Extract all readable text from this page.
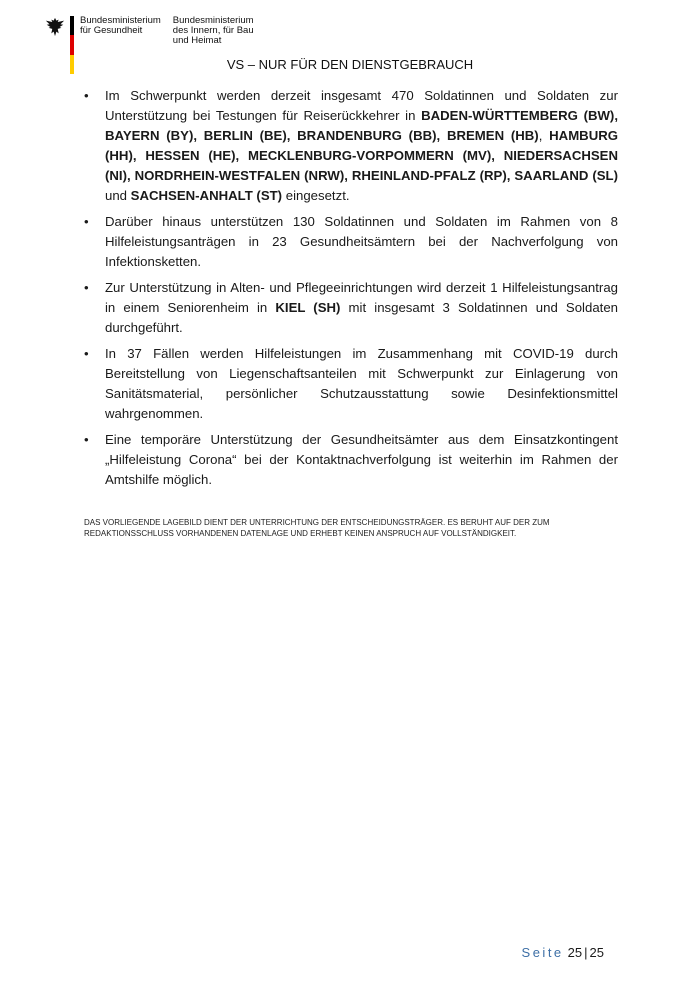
Bundesministerium
für Gesundheit
Bundesministerium
des Innern, für Bau
und Heimat
VS – NUR FÜR DEN DIENSTGEBRAUCH
• Im Schwerpunkt werden derzeit insgesamt 470 Soldatinnen und Soldaten zur Unterstützung bei Testungen für Reiserückkehrer in BADEN-WÜRTTEMBERG (BW), BAYERN (BY), BERLIN (BE), BRANDENBURG (BB), BREMEN (HB), HAMBURG (HH), HESSEN (HE), MECKLENBURG-VORPOMMERN (MV), NIEDERSACHSEN (NI), NORDRHEIN-WESTFALEN (NRW), RHEINLAND-PFALZ (RP), SAARLAND (SL) und SACHSEN-ANHALT (ST) eingesetzt.
• Darüber hinaus unterstützen 130 Soldatinnen und Soldaten im Rahmen von 8 Hilfeleistungsanträgen in 23 Gesundheitsämtern bei der Nachverfolgung von Infektionsketten.
• Zur Unterstützung in Alten- und Pflegeeinrichtungen wird derzeit 1 Hilfeleistungsantrag in einem Seniorenheim in KIEL (SH) mit insgesamt 3 Soldatinnen und Soldaten durchgeführt.
• In 37 Fällen werden Hilfeleistungen im Zusammenhang mit COVID-19 durch Bereitstellung von Liegenschaftsanteilen mit Schwerpunkt zur Einlagerung von Sanitätsmaterial, persönlicher Schutzausstattung sowie Desinfektionsmittel wahrgenommen.
• Eine temporäre Unterstützung der Gesundheitsämter aus dem Einsatzkontingent „Hilfeleistung Corona“ bei der Kontaktnachverfolgung ist weiterhin im Rahmen der Amtshilfe möglich.
DAS VORLIEGENDE LAGEBILD DIENT DER UNTERRICHTUNG DER ENTSCHEIDUNGSTRÄGER. ES BERUHT AUF DER ZUM REDAKTIONSSCHLUSS VORHANDENEN DATENLAGE UND ERHEBT KEINEN ANSPRUCH AUF VOLLSTÄNDIGKEIT.
Seite 25 | 25
